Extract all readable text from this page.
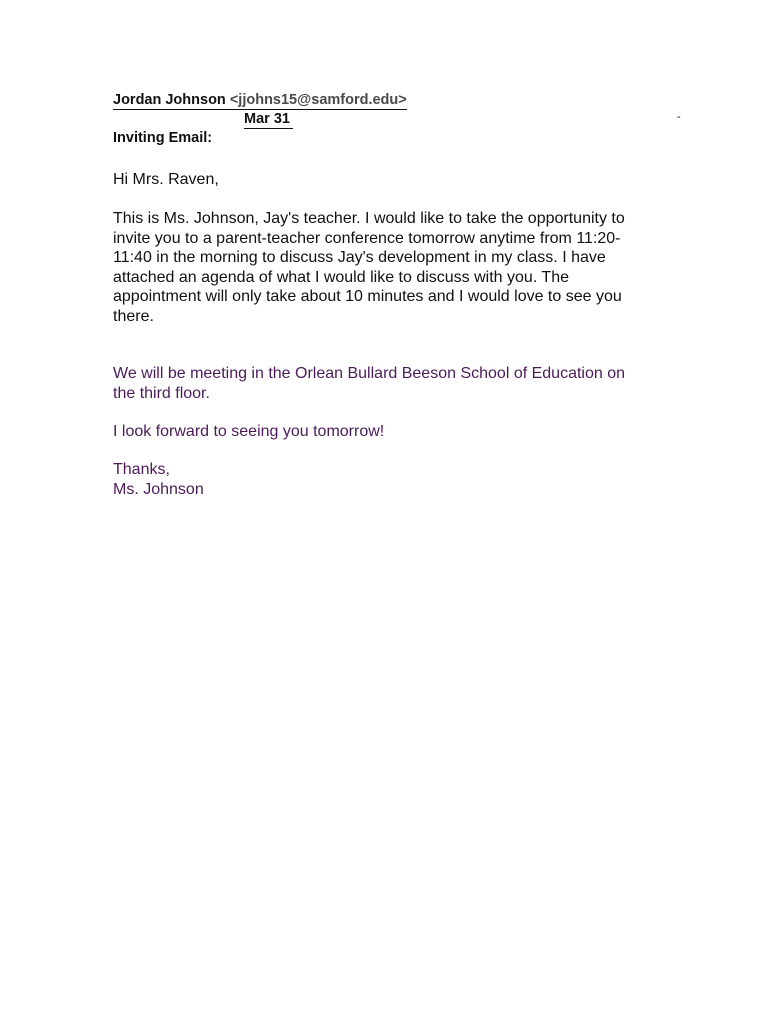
Jordan Johnson <jjohns15@samford.edu>
Mar 31	-
Inviting Email:
Hi Mrs. Raven,
This is Ms. Johnson, Jay's teacher. I would like to take the opportunity to
invite you to a parent-teacher conference tomorrow anytime from 11:20-
11:40 in the morning to discuss Jay's development in my class. I have
attached an agenda of what I would like to discuss with you. The
appointment will only take about 10 minutes and I would love to see you
there.
We will be meeting in the Orlean Bullard Beeson School of Education on
the third floor.
I look forward to seeing you tomorrow!
Thanks,
Ms. Johnson
